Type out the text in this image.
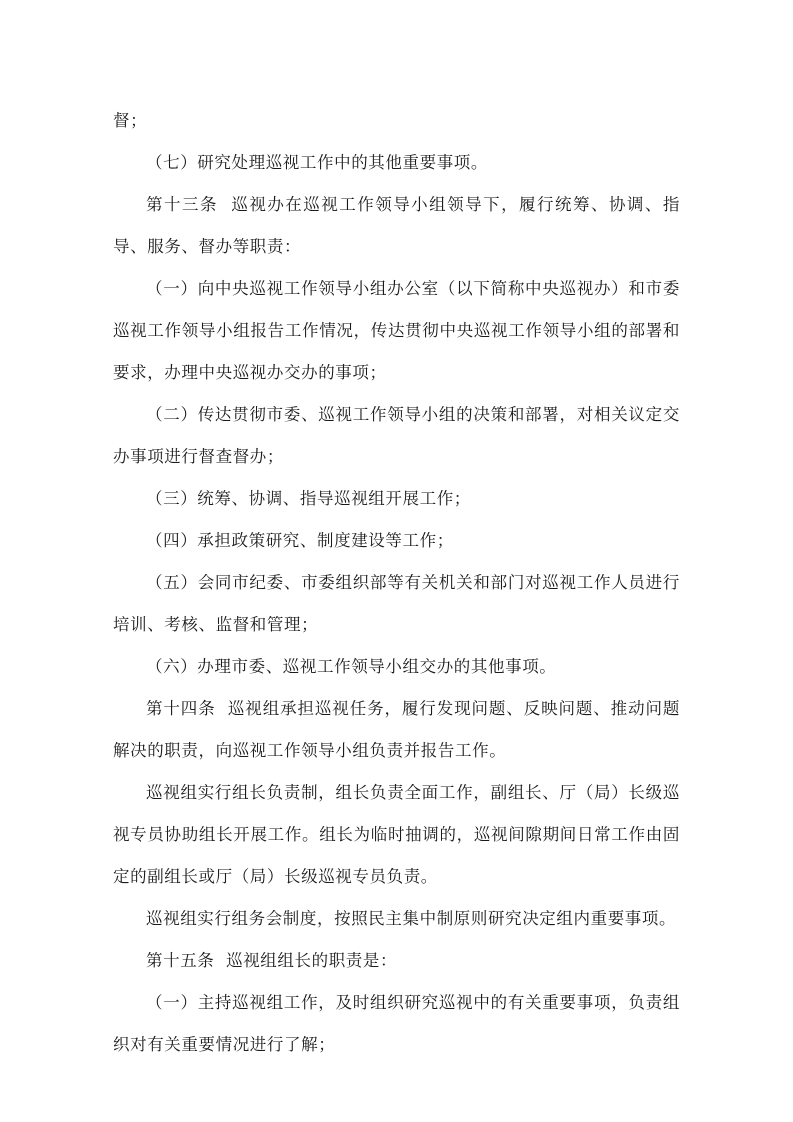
督；

（七）研究处理巡视工作中的其他重要事项。

第十三条  巡视办在巡视工作领导小组领导下，履行统筹、协调、指导、服务、督办等职责：

（一）向中央巡视工作领导小组办公室（以下简称中央巡视办）和市委巡视工作领导小组报告工作情况，传达贯彻中央巡视工作领导小组的部署和要求，办理中央巡视办交办的事项；

（二）传达贯彻市委、巡视工作领导小组的决策和部署，对相关议定交办事项进行督查督办；

（三）统筹、协调、指导巡视组开展工作；

（四）承担政策研究、制度建设等工作；

（五）会同市纪委、市委组织部等有关机关和部门对巡视工作人员进行培训、考核、监督和管理；

（六）办理市委、巡视工作领导小组交办的其他事项。

第十四条  巡视组承担巡视任务，履行发现问题、反映问题、推动问题解决的职责，向巡视工作领导小组负责并报告工作。

巡视组实行组长负责制，组长负责全面工作，副组长、厅（局）长级巡视专员协助组长开展工作。组长为临时抽调的，巡视间隙期间日常工作由固定的副组长或厅（局）长级巡视专员负责。

巡视组实行组务会制度，按照民主集中制原则研究决定组内重要事项。

第十五条  巡视组组长的职责是：

（一）主持巡视组工作，及时组织研究巡视中的有关重要事项，负责组织对有关重要情况进行了解；
